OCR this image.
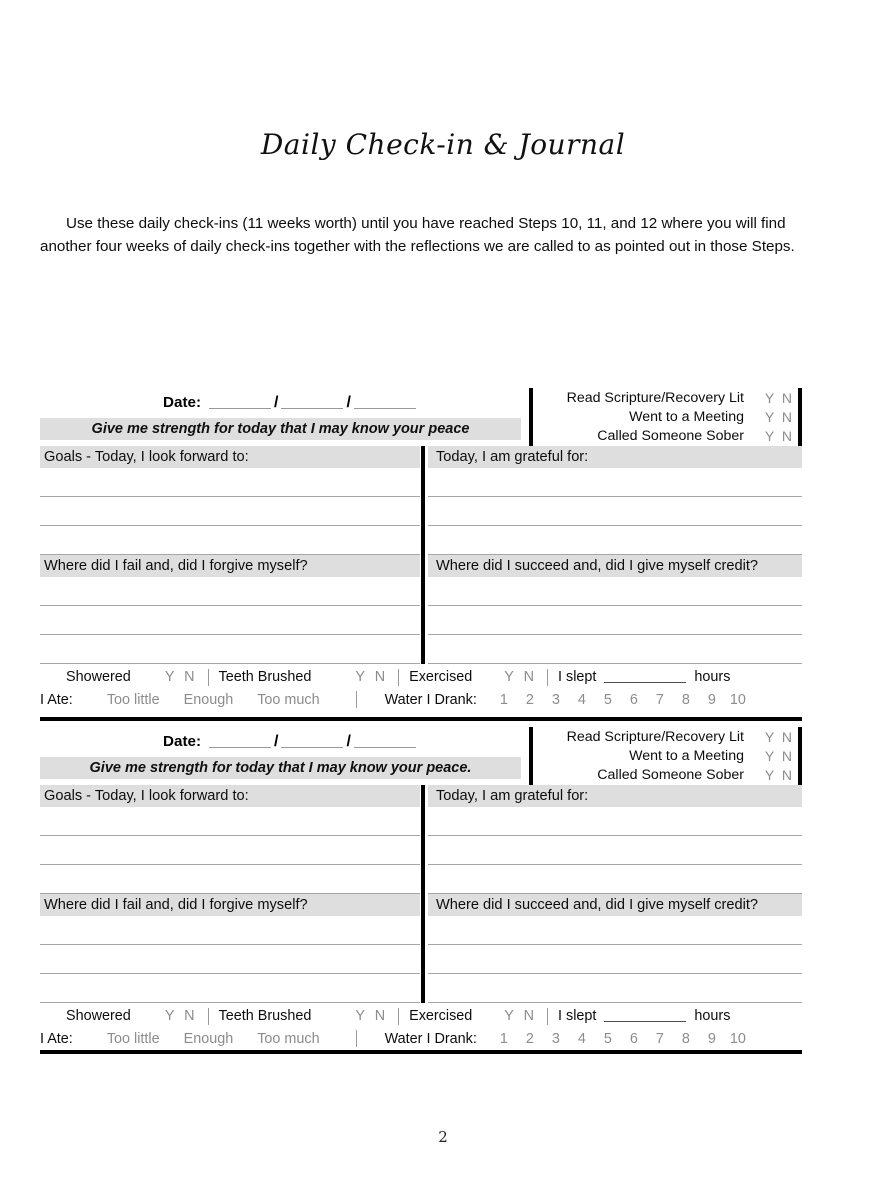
Daily Check-in & Journal

Use these daily check-ins (11 weeks worth) until you have reached Steps 10, 11, and 12 where you will find another four weeks of daily check-ins together with the reflections we are called to as pointed out in those Steps.

Date:	/	/
Give me strength for today that I may know your peace
Read Scripture/Recovery Lit	Y N
Went to a Meeting	Y N
Called Someone Sober	Y N
Goals - Today, I look forward to:	Today, I am grateful for:
Where did I fail and, did I forgive myself?	Where did I succeed and, did I give myself credit?
Showered Y N Teeth Brushed	Y N Exercised Y N I slept	hours
I Ate: Too little Enough Too much	Water I Drank:	1 2 3 4 5 6 7 8 9 10
Date:	/	/
Give me strength for today that I may know your peace.
Read Scripture/Recovery Lit	Y N
Went to a Meeting	Y N
Called Someone Sober	Y N
Goals - Today, I look forward to:	Today, I am grateful for:
Where did I fail and, did I forgive myself?	Where did I succeed and, did I give myself credit?
Showered Y N Teeth Brushed	Y N Exercised Y N I slept	hours
I Ate: Too little Enough Too much	Water I Drank:	1 2 3 4 5 6 7 8 9 10
2
